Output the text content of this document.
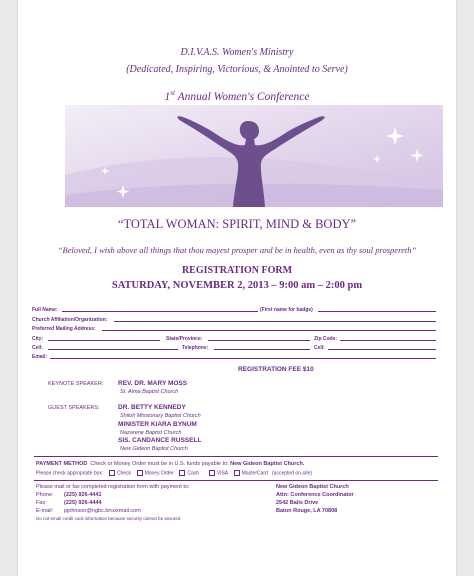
D.I.V.A.S. Women's Ministry
(Dedicated, Inspiring, Victorious, & Anointed to Serve)
1st Annual Women's Conference
“TOTAL WOMAN: SPIRIT, MIND & BODY”
“Beloved, I wish above all things that thou mayest prosper and be in health, even as thy soul prospereth”
REGISTRATION FORM
SATURDAY, NOVEMBER 2, 2013 – 9:00 am – 2:00 pm
Full Name:	(First name for badge)
Church Affiliation/Organization:
Preferred Mailing Address:
City:	State/Province:	Zip Code:
Cell:	Telephone:	Cell:
Email:
REGISTRATION FEE $10
KEYNOTE SPEAKER: REV. DR. MARY MOSS
St. Alma Baptist Church
GUEST SPEAKERS:	DR. BETTY KENNEDY
Shiloh Missionary Baptist Church
MINISTER KIARA BYNUM
Nazarene Baptist Church
SIS. CANDANCE RUSSELL
New Gideon Baptist Church
PAYMENT METHOD Check or Money Order must be in U.S. funds payable to: New Gideon Baptist Church.
Please check appropriate box:	Check	Money Order	Cash	VISA	MasterCard (accepted on-site)
Please mail or fax completed registration form with payment to:
Phone: (225) 926-4441
Fax:	(225) 926-4444
E-mail: pjohnson@ngbc.brcoxmail.com
Do not email credit card information because security cannot be assured
New Gideon Baptist Church
Attn: Conference Coordinator
2542 Balis Drive
Baton Rouge, LA 70808
